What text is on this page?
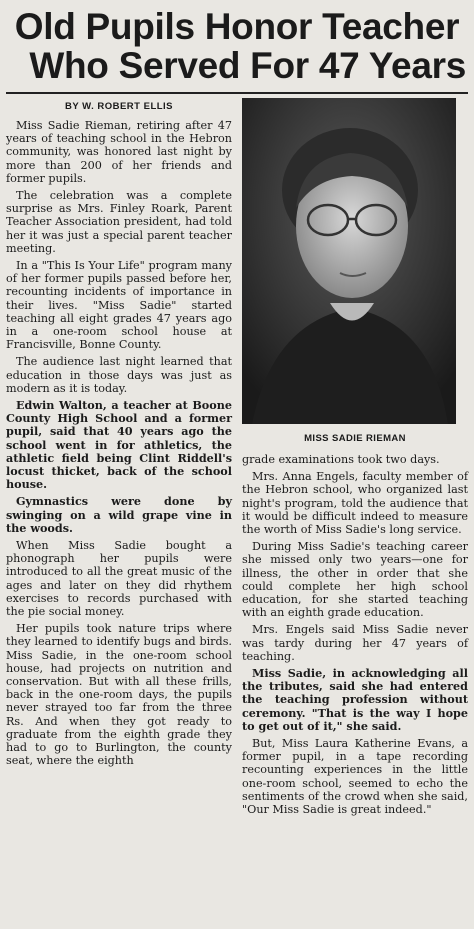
Old Pupils Honor Teacher
Who Served For 47 Years
BY W. ROBERT ELLIS

Miss Sadie Rieman, retiring after 47 years of teaching school in the Hebron community, was honored last night by more than 200 of her friends and former pupils.

The celebration was a complete surprise as Mrs. Finley Roark, Parent Teacher Association president, had told her it was just a special parent teacher meeting.

In a "This Is Your Life" program many of her former pupils passed before her, recounting incidents of importance in their lives. "Miss Sadie" started teaching all eight grades 47 years ago in a one-room school house at Francisville, Bonne County.

The audience last night learned that education in those days was just as modern as it is today.

Edwin Walton, a teacher at Boone County High School and a former pupil, said that 40 years ago the school went in for athletics, the athletic field being Clint Riddell's locust thicket, back of the school house.

Gymnastics were done by swinging on a wild grape vine in the woods.

When Miss Sadie bought a phonograph her pupils were introduced to all the great music of the ages and later on they did rhythem exercises to records purchased with the pie social money.

Her pupils took nature trips where they learned to identify bugs and birds. Miss Sadie, in the one-room school house, had projects on nutrition and conservation. But with all these frills, back in the one-room days, the pupils never strayed too far from the three Rs. And when they got ready to graduate from the eighth grade they had to go to Burlington, the county seat, where the eighth

MISS SADIE RIEMAN

grade examinations took two days.

Mrs. Anna Engels, faculty member of the Hebron school, who organized last night's program, told the audience that it would be difficult indeed to measure the worth of Miss Sadie's long service.

During Miss Sadie's teaching career she missed only two years—one for illness, the other in order that she could complete her high school education, for she started teaching with an eighth grade education.

Mrs. Engels said Miss Sadie never was tardy during her 47 years of teaching.

Miss Sadie, in acknowledging all the tributes, said she had entered the teaching profession without ceremony. "That is the way I hope to get out of it," she said.

But, Miss Laura Katherine Evans, a former pupil, in a tape recording recounting experiences in the little one-room school, seemed to echo the sentiments of the crowd when she said, "Our Miss Sadie is great indeed."
